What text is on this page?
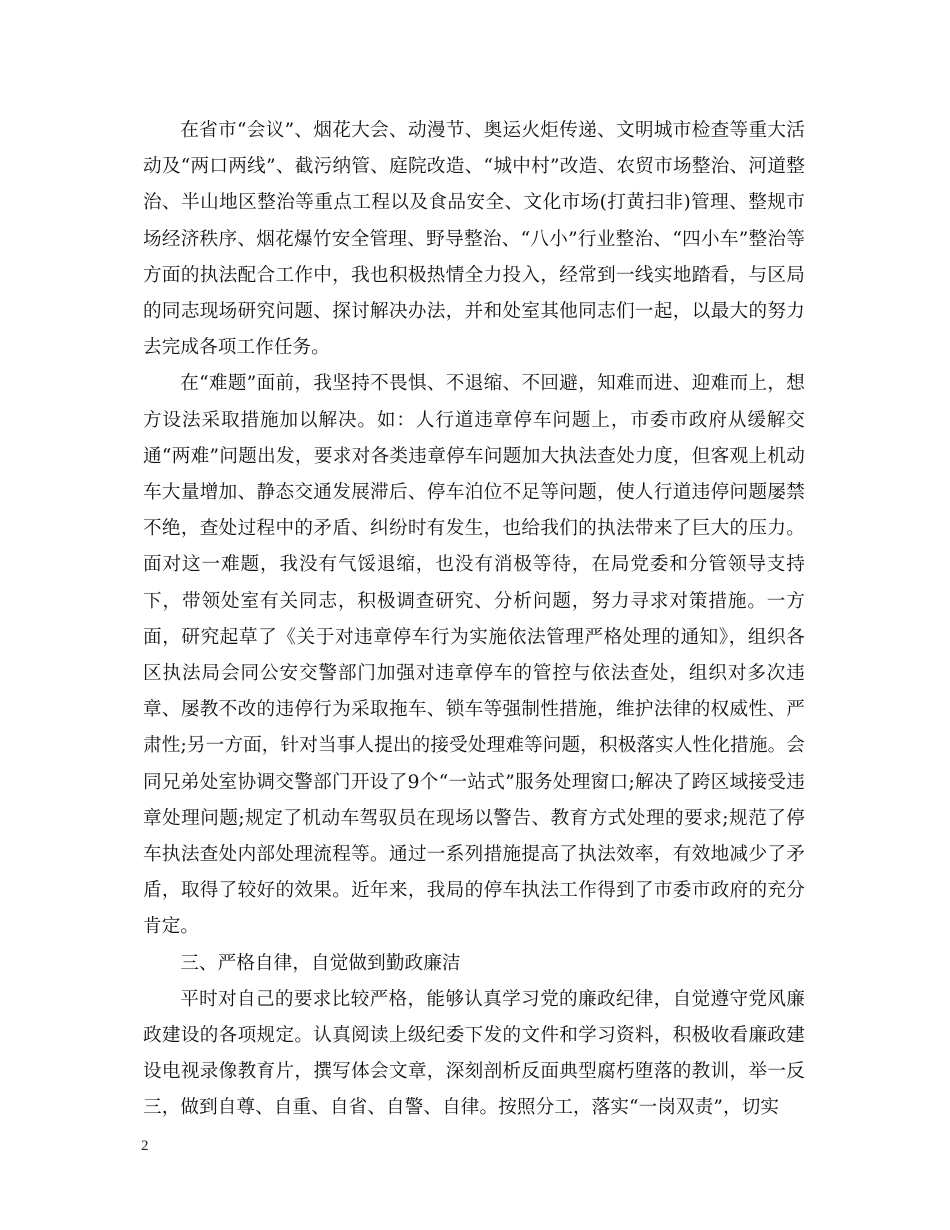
在省市“会议”、烟花大会、动漫节、奥运火炬传递、文明城市检查等重大活动及“两口两线”、截污纳管、庭院改造、“城中村”改造、农贸市场整治、河道整治、半山地区整治等重点工程以及食品安全、文化市场(打黄扫非)管理、整规市场经济秩序、烟花爆竹安全管理、野导整治、“八小”行业整治、“四小车”整治等方面的执法配合工作中，我也积极热情全力投入，经常到一线实地踏看，与区局的同志现场研究问题、探讨解决办法，并和处室其他同志们一起，以最大的努力去完成各项工作任务。

在“难题”面前，我坚持不畏惧、不退缩、不回避，知难而进、迎难而上，想方设法采取措施加以解决。如：人行道违章停车问题上，市委市政府从缓解交通“两难”问题出发，要求对各类违章停车问题加大执法查处力度，但客观上机动车大量增加、静态交通发展滞后、停车泊位不足等问题，使人行道违停问题屡禁不绝，查处过程中的矛盾、纠纷时有发生，也给我们的执法带来了巨大的压力。面对这一难题，我没有气馁退缩，也没有消极等待，在局党委和分管领导支持下，带领处室有关同志，积极调查研究、分析问题，努力寻求对策措施。一方面，研究起草了《关于对违章停车行为实施依法管理严格处理的通知》，组织各区执法局会同公安交警部门加强对违章停车的管控与依法查处，组织对多次违章、屡教不改的违停行为采取拖车、锁车等强制性措施，维护法律的权威性、严肃性;另一方面，针对当事人提出的接受处理难等问题，积极落实人性化措施。会同兄弟处室协调交警部门开设了9个“一站式”服务处理窗口;解决了跨区域接受违章处理问题;规定了机动车驾驭员在现场以警告、教育方式处理的要求;规范了停车执法查处内部处理流程等。通过一系列措施提高了执法效率，有效地减少了矛盾，取得了较好的效果。近年来，我局的停车执法工作得到了市委市政府的充分肯定。

三、严格自律，自觉做到勤政廉洁

平时对自己的要求比较严格，能够认真学习党的廉政纪律，自觉遵守党风廉政建设的各项规定。认真阅读上级纪委下发的文件和学习资料，积极收看廉政建设电视录像教育片，撰写体会文章，深刻剖析反面典型腐朽堕落的教训，举一反三，做到自尊、自重、自省、自警、自律。按照分工，落实“一岗双责”，切实

2
